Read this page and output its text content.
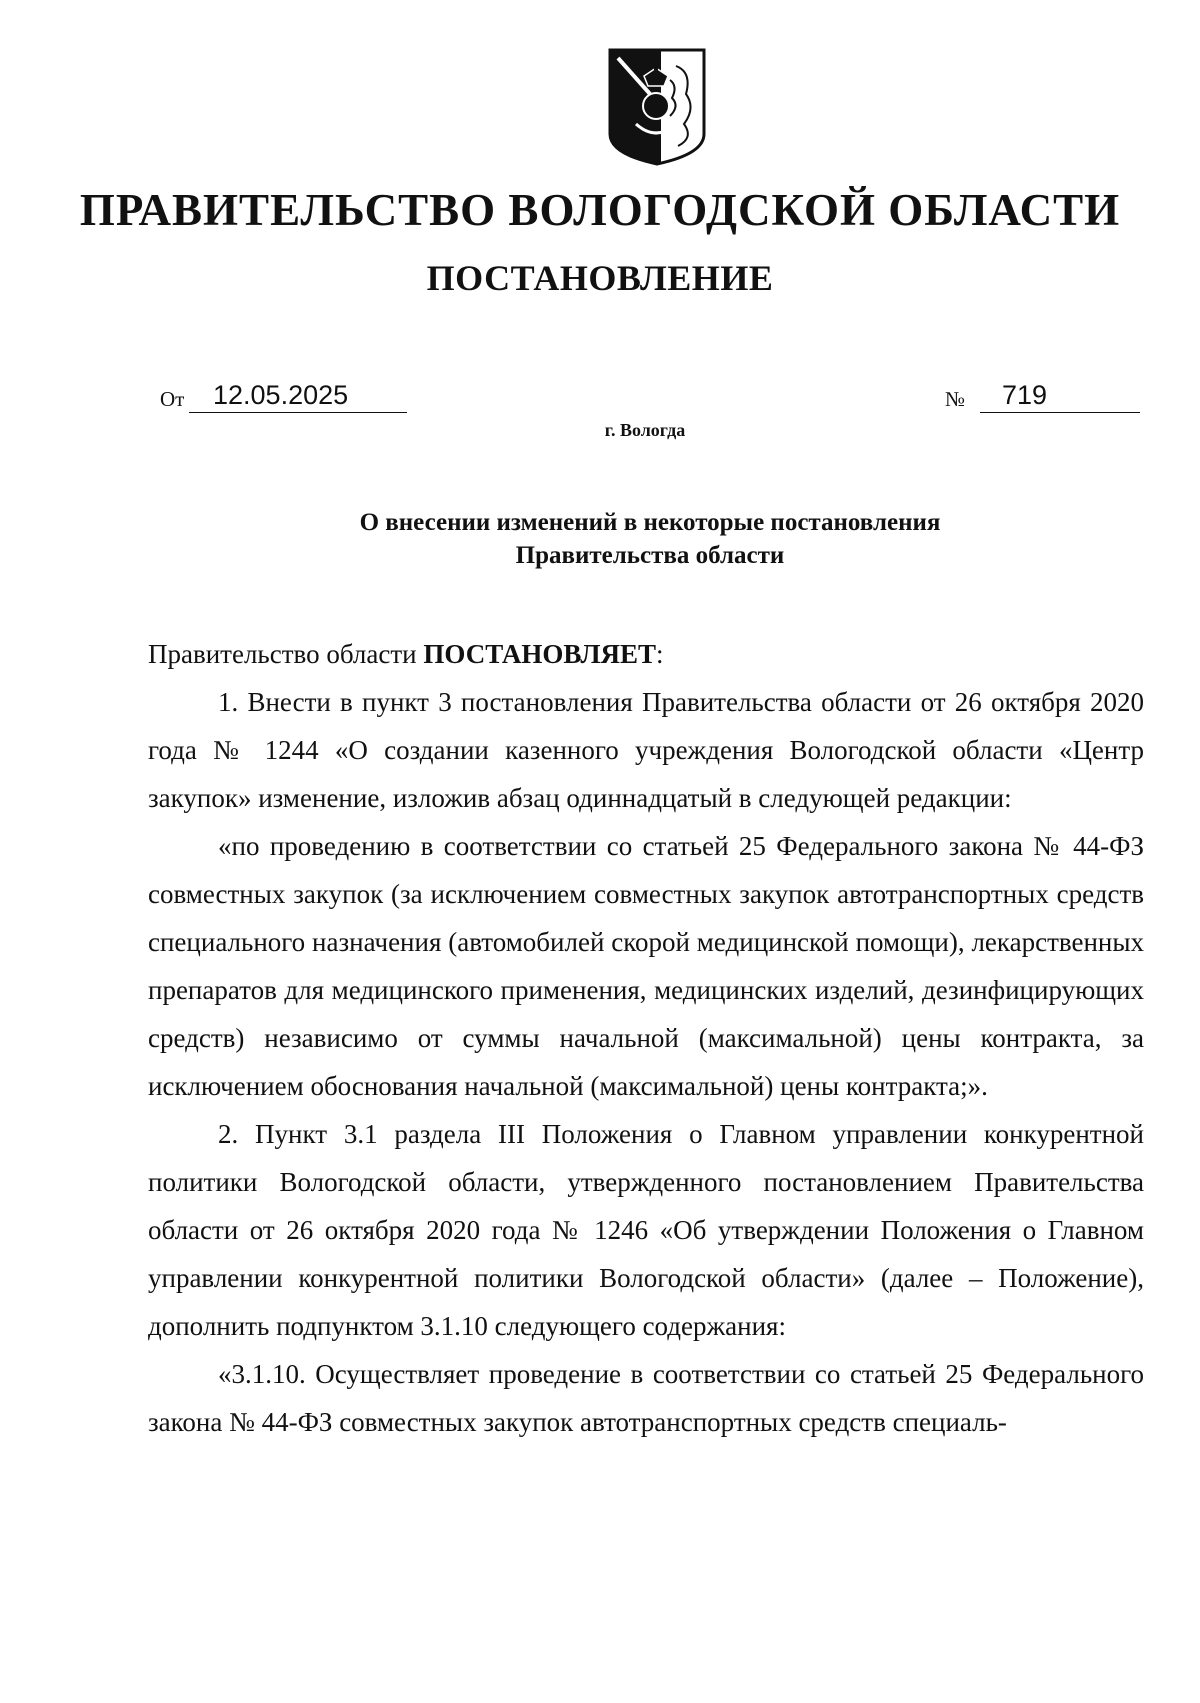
ПРАВИТЕЛЬСТВО ВОЛОГОДСКОЙ ОБЛАСТИ
ПОСТАНОВЛЕНИЕ
От	12.05.2025	№	719
г. Вологда
О внесении изменений в некоторые постановления
Правительства области

Правительство области ПОСТАНОВЛЯЕТ:

1. Внести в пункт 3 постановления Правительства области от 26 октября 2020 года № 1244 «О создании казенного учреждения Вологодской области «Центр закупок» изменение, изложив абзац одиннадцатый в следующей редакции:

«по проведению в соответствии со статьей 25 Федерального закона № 44-ФЗ совместных закупок (за исключением совместных закупок автотранспортных средств специального назначения (автомобилей скорой медицинской помощи), лекарственных препаратов для медицинского применения, медицинских изделий, дезинфицирующих средств) независимо от суммы начальной (максимальной) цены контракта, за исключением обоснования начальной (максимальной) цены контракта;».

2. Пункт 3.1 раздела III Положения о Главном управлении конкурентной политики Вологодской области, утвержденного постановлением Правительства области от 26 октября 2020 года № 1246 «Об утверждении Положения о Главном управлении конкурентной политики Вологодской области» (далее – Положение), дополнить подпунктом 3.1.10 следующего содержания:

«3.1.10. Осуществляет проведение в соответствии со статьей 25 Федерального закона № 44-ФЗ совместных закупок автотранспортных средств специаль-
